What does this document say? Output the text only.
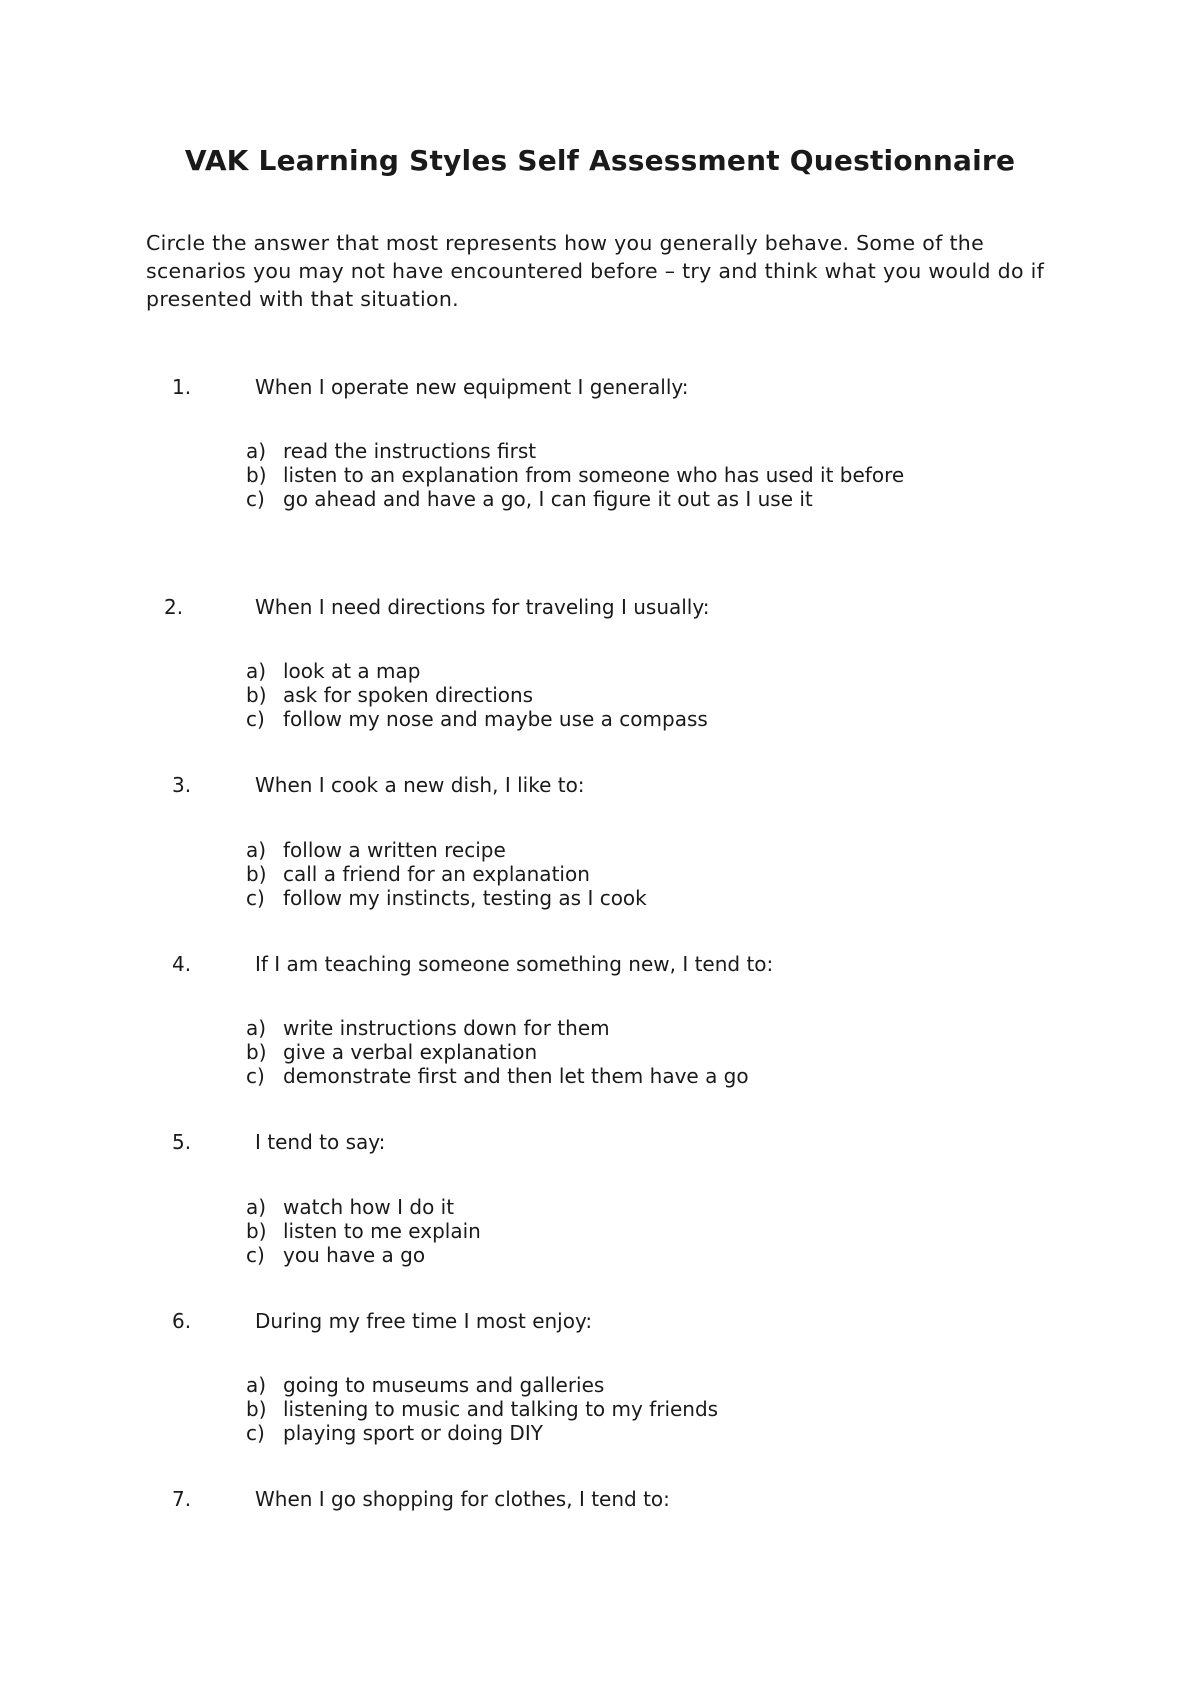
VAK Learning Styles Self Assessment Questionnaire

Circle the answer that most represents how you generally behave. Some of the scenarios you may not have encountered before – try and think what you would do if presented with that situation.

1.	When I operate new equipment I generally:
a) read the instructions first
b) listen to an explanation from someone who has used it before
c) go ahead and have a go, I can figure it out as I use it
2.	When I need directions for traveling I usually:
a) look at a map
b) ask for spoken directions
c) follow my nose and maybe use a compass
3.	When I cook a new dish, I like to:
a) follow a written recipe
b) call a friend for an explanation
c) follow my instincts, testing as I cook
4.	If I am teaching someone something new, I tend to:
a) write instructions down for them
b) give a verbal explanation
c) demonstrate first and then let them have a go
5.	I tend to say:
a) watch how I do it
b) listen to me explain
c) you have a go
6.	During my free time I most enjoy:
a) going to museums and galleries
b) listening to music and talking to my friends
c) playing sport or doing DIY
7.	When I go shopping for clothes, I tend to:
